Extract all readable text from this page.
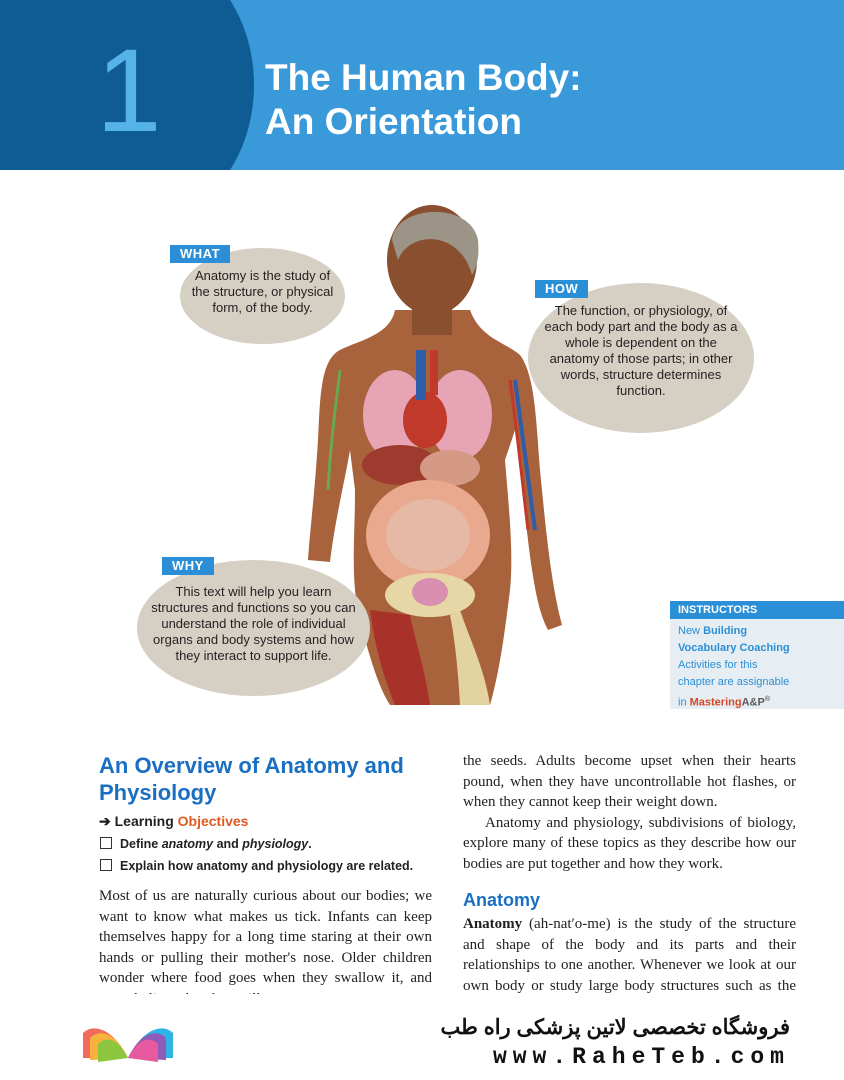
1	The Human Body:
An Orientation
Anatomy is the study of the structure, or physical form, of the body.
WHAT
The function, or physiology, of each body part and the body as a whole is dependent on the anatomy of those parts; in other words, structure determines function.
HOW
This text will help you learn structures and functions so you can understand the role of individual organs and body systems and how they interact to support life.
WHY
INSTRUCTORS
New Building
Vocabulary Coaching
Activities for this
chapter are assignable
in MasteringA&P®
An Overview of Anatomy and Physiology
➔ Learning Objectives
Define anatomy and physiology.
Explain how anatomy and physiology are related.
Most of us are naturally curious about our bodies; we want to know what makes us tick. Infants can keep themselves happy for a long time staring at their own hands or pulling their mother's nose. Older children wonder where food goes when they swallow it, and
the seeds. Adults become upset when their hearts pound, when they have uncontrollable hot flashes, or when they cannot keep their weight down.
Anatomy and physiology, subdivisions of biology, explore many of these topics as they describe how our bodies are put together and how they work.
Anatomy
Anatomy (ah-nat′o-me) is the study of the structure and shape of the body and its parts and their relationships to one another. Whenever we look at our own body or study large body structures such as the
فروشگاه تخصصی لاتین پزشکی راه طب
www.RaheTeb.com
